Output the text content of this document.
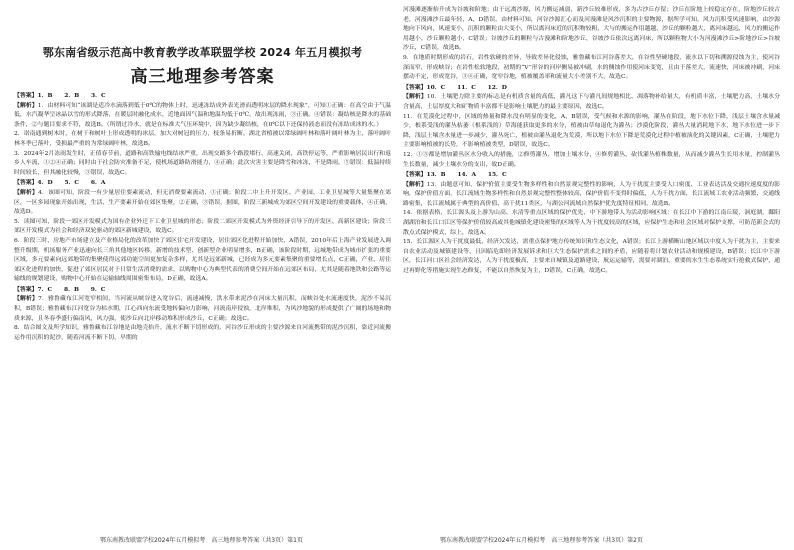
鄂东南省级示范高中教育教学改革联盟学校 2024 年五月模拟考
高三地理参考答案

【答案】1．B　　2．B　　3．C

【解析】1．由材料可知“该湖是适冷水滴落到低于0℃的物体上时，迅速冻结成外表光滑而透明冰层的降水现象”，可知①正确：在高空由于气温低，水汽凝华呈冰晶以雪的形式降落，在暖层时融化成水，近地面因气温和地温均低于0℃，故出现冻雨，③正确。④错误：凝结核是降水的基础条件，②与题目要求不符，故选B。（所谓过冷水，就是在标准大气压环境中，因为缺少凝结核，在0℃以下还保持液态而没有冻结成冰的水。）

2．诺南通到树木时，在树干和树叶上形成透明的冰层，加大对树冠的压力，枝条易折断。湖北省植被以常绿阔叶林和落叶阔叶林为主，落叶阔叶林冬季已落叶，受损最严重的为常绿阔叶林，故选B。

3．2024年2月冻雨发生时，正值春节前，道路和高铁输电线结冰严重，出现交路多个路段堵行、高速关闭，高铁停运等，严重影响居民出行和返乡人车流，①②④正确；同时由于社会防灾准备不足，使机场道路防滑能力，④正确；此次灾害主要是降雪和冰冻，不是降雨，⑤错误：低温持续时间较长，但其融化较慢，③错误，故选C。

【答案】4．D　　5．C　　6．A

【解析】4．该图可知，阶段一有少量居住要素流动，但无消费要素流动，①正确；阶段二中上升开发区、产业园、工业卫星城等大量集聚在郊区，一区多园现象开始出现，生活、生产要素开始在郊区集聚，②正确，③错误，据图，阶段三新城成为郊区空间开发建设的重要载体，④正确，故选D。

5．读图可知，阶段一郊区开发模式为国有企业外迁下工业卫星城的形态；阶段二郊区开发模式为外资经济引导下的开发区、高新区建设；阶段三郊区开发模式为社会和经济双轮驱动的郊区新城建设，故选C。

6．阶段三时，房地产市场建立及产业格局化的改革加快了郊区住宅开发建设，居住郊区化进程开始加快，A错误，2010年后上海产业发展进入调整升级期，机场服务产业迅速向长三角其他地区转移，新增的技术型、创新型企业明显增多，B正确，该阶段时期，远城地带成为城市扩张的重要区域，多元要素向远郊地带的集聚使得远郊功能空间更加复杂多样，尤其是远郊新城，已经成为多元要素集聚的重要增长点，C正确，产业、居住郊区化进程的加快，促进了郊区居民对于日常生活消费的需求，以购物中心为典型代表的消费空间开始在远郊区布局，尤其是随着地铁和公路等运输线的规划建设，购物中心开始在运输轴线周围密集布局，D正确，故选A。

【答案】7．C　　8．B　　9．C

【解析】7．雅鲁藏布江河宽窄相间，当河流从峡谷进入宽谷后，流速减慢，洪水带来泥沙在河床大量沉积，而峡谷处水流速度快，泥沙不易沉积，B错误；雅鲁藏布江河宽谷为枯水期，江心西向东流受地转偏向力影响，河流南岸侵蚀，北岸堆积，为风沙地貌的形成提供了广阔的场地和物质来源，且冬春季盛行偏南风，风力强，使沙丘向北岸移动堆积形成沙丘，C正确；故选C。

8．结合图文及所学知识，雅鲁藏布江谷地是由地壳抬升，流水不断下切形成的，河谷沙丘形成的主要沙源来自河流携带的泥沙沉积，靠近河流搬运作用沉积的泥沙，随着河流不断下切，早期的

河漫滩逐渐抬升成为谷坡和阶地；由于远离沙源，风力搬运减弱，新沙丘较难形成，多为古沙丘存留；沙丘在阶地上较稳定存在，阶地沙丘较古老，河漫滩沙丘最年轻，A、D错误，由材料可知，河谷沙源汇心而及河漫滩是风沙沉积的主要物源，据所学可知，风力沉积受风速影响，由沙源地向下风向，风速变小，沉积的颗粒由大变小，所以离河床近的沉积物较粗，大与的搬运作用越越，沙丘的颗粒越大，离河床越远，风力的搬运作用越小，沙丘颗粒越小，C错误；谷坡沙丘的颗粒与古漫滩和阶地沙丘，谷坡沙丘依次远离河床，所以颗粒物大小为河漫滩沙丘>阶地沙丘>谷坡沙丘，C错误，故选B。

9．在地质时期形成的岩石，岩性软硬的差异，导致差异化侵蚀，雅鲁藏布江河谷落差大，在谷性坚硬地段，流水以下切和溯源侵蚀为主，使河谷深而窄，形成峡谷；在岩性松软地段，初期的“V”形谷的河岸侧易被冲刷，水的侧蚀作用使河床变宽，且由于落差大，流速快，河床被冲刷，河床摆动不定，形成宽谷，③④正确，宽窄谷地，植被覆盖率和流量大小差别不大，故选C。

【答案】10．C　　11．C　　12．D

【解析】10．土壤肥力除主要的标志是有机质含量的高低，灌凡这下与灌凡间规地相比，凋落物补给量大，有机质丰富，土壤肥力高，土壤水分含量高，土层厚度大和矿物质丰富都不是影响土壤肥力的最主要原因，故选C。

11．在荒漠化过程中，区域的热量和降水没有明显的变化，A、B错误，受气候和水源的影响，灌丛在阶段，地下水位下降，浅层土壤含水量减少，根系受浅的灌丛枯萎（根系浅的）草海能获取更多的水分，植被由草甸退化为灌丛；沙漠化阶段，灌丛大量消耗地下水，地下水位进一步下降，浅层土壤含水量进一步减少，灌丛死亡，植被由灌丛退化为荒漠，所以地下水位下降是荒漠化过程中植被演化的关键因素，C正确，土壤肥力主要影响植被的长势，不影响植被类型，D错误，故选C。

12．①③都是增加灌丛区水分收入的措施，②修剪灌丛，增加土壤水分，④修剪灌丛，砍伐灌丛植株数量，从而减少灌丛生长用水量，控制灌丛生长数量，减少土壤水分的支出，故D正确。

【答案】13．B　　14．A　　15．C

【解析】13．由题意可知，保护价值主要受生物多样性和自然景观完整性的影响，人为干扰度主要受人口密度、工业表达活及交通拉速度度的影响，保护价值方面，长江流域生物多样性和自然景观完整性整体较高，保护价值不变得时偏低，人为干扰方面，长江流域工农业活动频繁，交通线路密集，长江流域属于典型的高价值、高干扰11类区，与湖公河流域自然保护优先度特征相同，故选B。

14．依据表格，长江源头及上游为山高、水清等重点区域的保护优先，中下游地带人为活动影响区域：在长江中下游的江南丘陵，洞庭湖，鄱阳湖湖泊和长江口江区等保护价值较高或其他城镇化建设密集的区域等人为干扰度较高的区域，应保护生态和社会区域对保护支撑，可防范新会式的散点式保护模式，综上，故选A。

15．长江源区人为干扰度最低，经济欠发达，需重点保护地方传统知识和生态文化，A错误；长江上游横断山地区域以中度人为干扰为主，主要来自农业活动及城镇建设等，且因临危即经济发展诉求和巨大生态保护需求之间的矛盾，应随着将计划农业活动和规模建设，B错误；长江中下游区，长江河口区社会经济发达，人为干扰度极高，主要来自城镇及道路建设，航运运输等，需要对湖泊、重要的水生生态系统实行抢救式保护，通过再野化等措施实现生态修复，不能以自然恢复为主，D错误，C正确，故选C。

鄂东南教改联盟学校2024年五月模拟考　高三地理参考答案（共3页）第1页	鄂东南教改联盟学校2024年五月模拟考　高三地理参考答案（共3页）第2页
